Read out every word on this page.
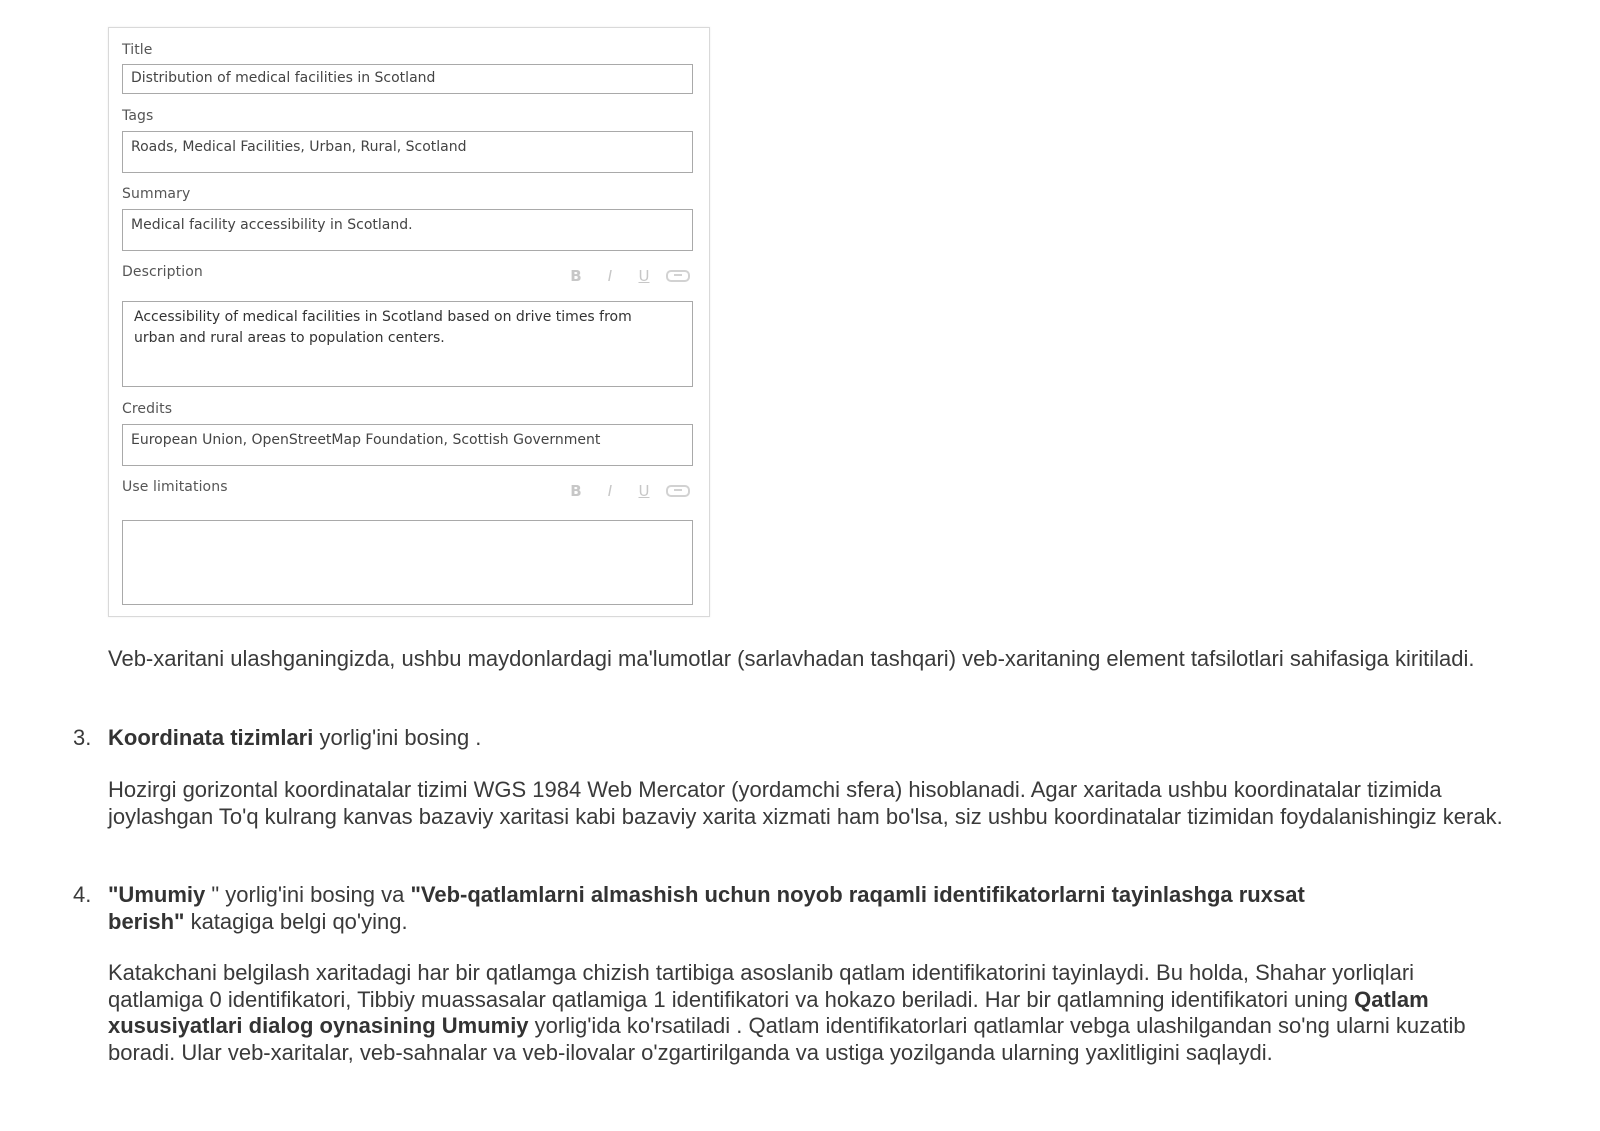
Title
Distribution of medical facilities in Scotland
Tags
Roads, Medical Facilities, Urban, Rural, Scotland
Summary
Medical facility accessibility in Scotland.
Description	B	I	U
Accessibility of medical facilities in Scotland based on drive times from
urban and rural areas to population centers.
Credits
European Union, OpenStreetMap Foundation, Scottish Government
Use limitations	B	I	U
Veb-xaritani ulashganingizda, ushbu maydonlardagi ma'lumotlar (sarlavhadan tashqari) veb-xaritaning element tafsilotlari sahifasiga kiritiladi.
3. Koordinata tizimlari yorlig'ini bosing .
Hozirgi gorizontal koordinatalar tizimi WGS 1984 Web Mercator (yordamchi sfera) hisoblanadi. Agar xaritada ushbu koordinatalar tizimida joylashgan To'q kulrang kanvas bazaviy xaritasi kabi bazaviy xarita xizmati ham bo'lsa, siz ushbu koordinatalar tizimidan foydalanishingiz kerak.
4. "Umumiy " yorlig'ini bosing va "Veb-qatlamlarni almashish uchun noyob raqamli identifikatorlarni tayinlashga ruxsat berish" katagiga belgi qo'ying.
Katakchani belgilash xaritadagi har bir qatlamga chizish tartibiga asoslanib qatlam identifikatorini tayinlaydi. Bu holda, Shahar yorliqlari qatlamiga 0 identifikatori, Tibbiy muassasalar qatlamiga 1 identifikatori va hokazo beriladi. Har bir qatlamning identifikatori uning Qatlam xususiyatlari dialog oynasining Umumiy yorlig'ida ko'rsatiladi . Qatlam identifikatorlari qatlamlar vebga ulashilgandan so'ng ularni kuzatib boradi. Ular veb-xaritalar, veb-sahnalar va veb-ilovalar o'zgartirilganda va ustiga yozilganda ularning yaxlitligini saqlaydi.
